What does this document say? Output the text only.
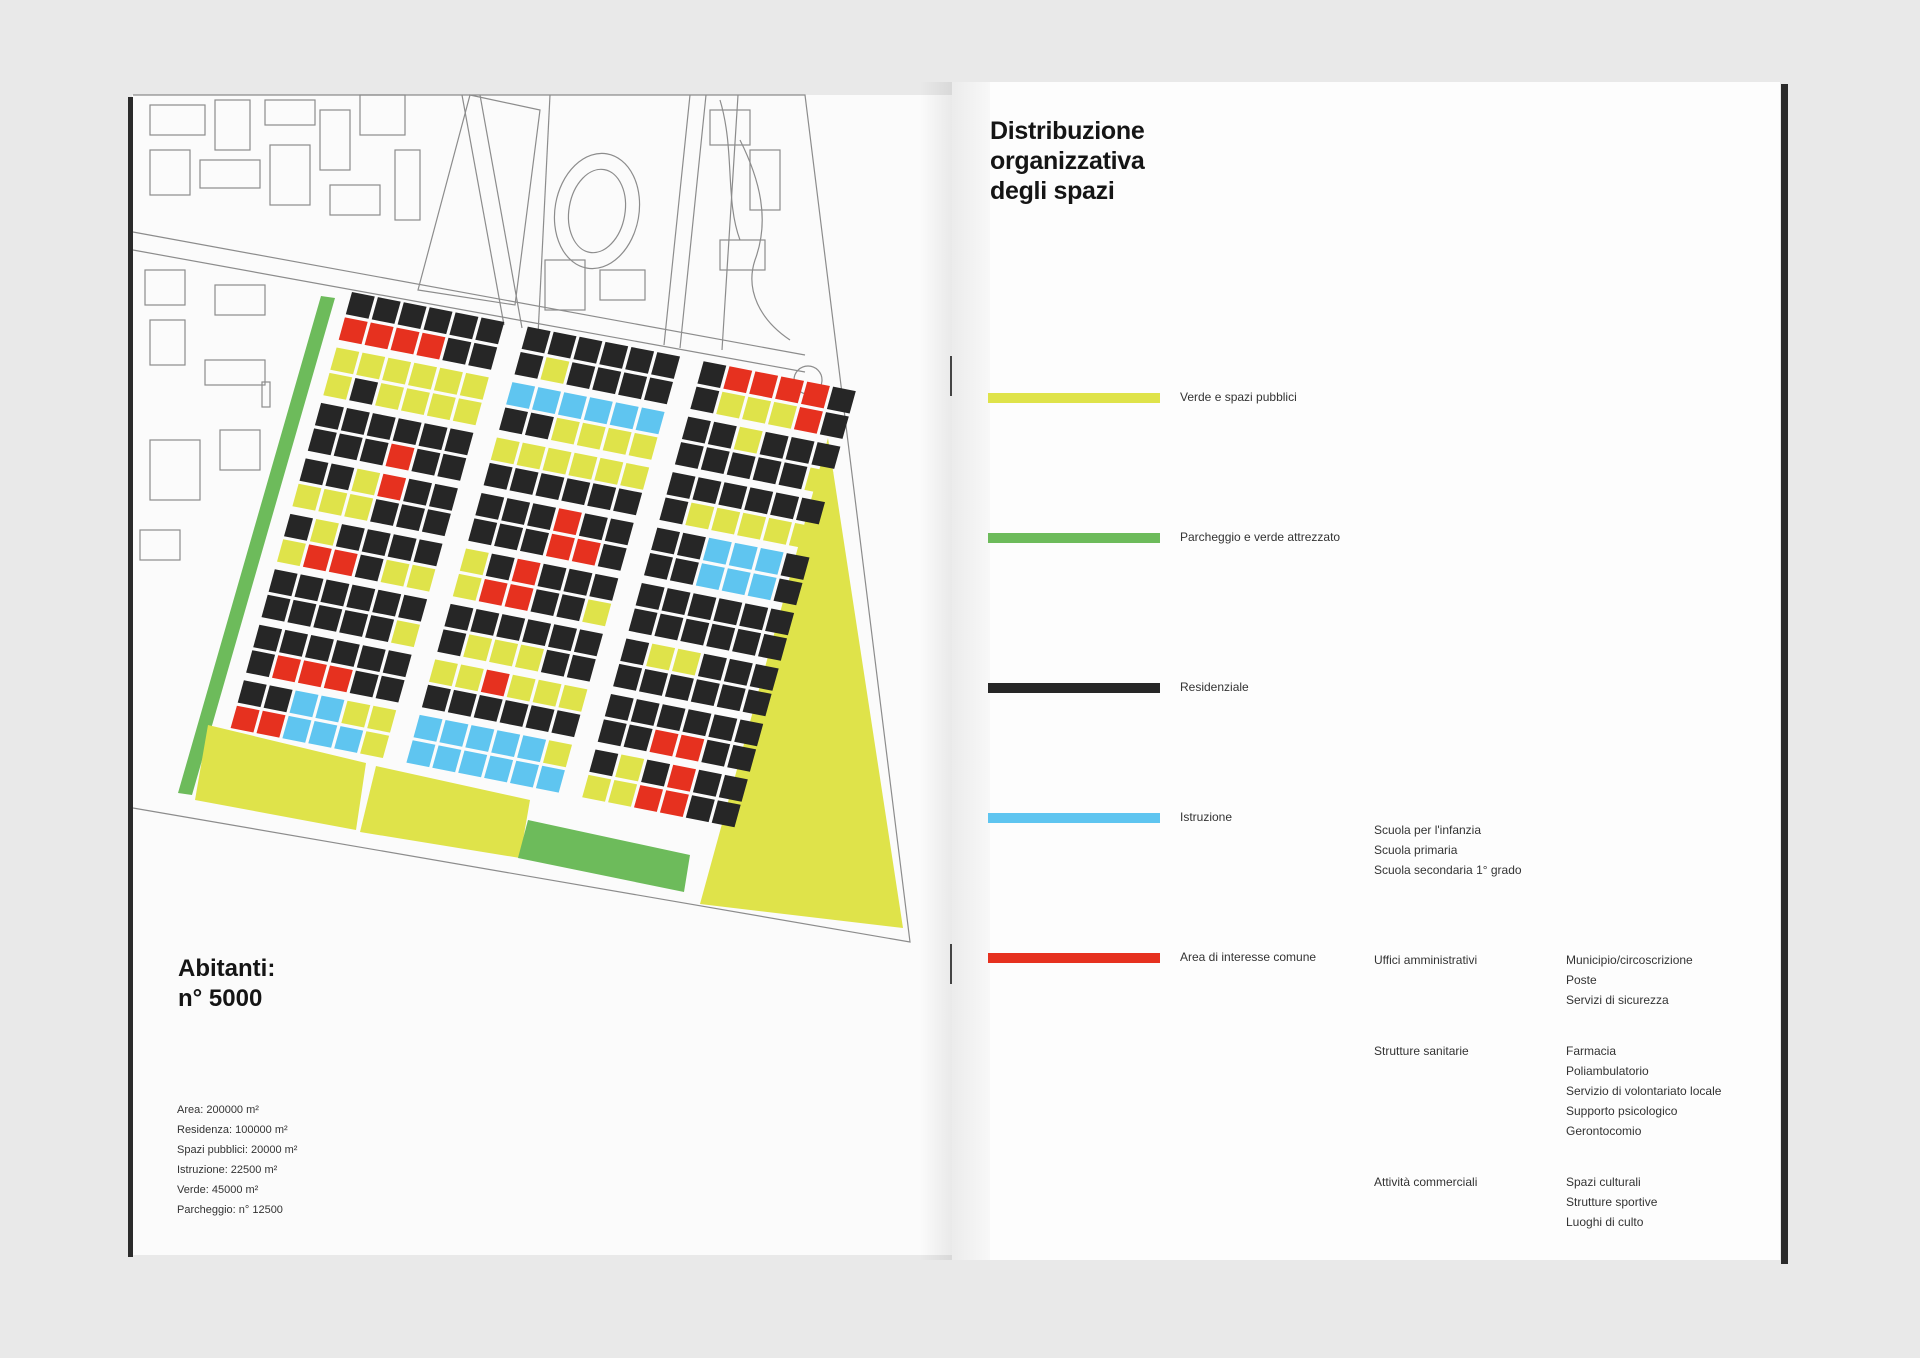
Distribuzione
organizzativa
degli spazi
Verde e spazi pubblici
Parcheggio e verde attrezzato
Residenziale
Istruzione
Area di interesse comune
Scuola per l'infanzia
Scuola primaria
Scuola secondaria 1° grado
Uffici amministrativi	Municipio/circoscrizione
Poste
Servizi di sicurezza
Strutture sanitarie	Farmacia
Poliambulatorio
Servizio di volontariato locale
Supporto psicologico
Gerontocomio
Attività commerciali	Spazi culturali
Strutture sportive
Luoghi di culto
Abitanti:
n° 5000
Area: 200000 m²
Residenza: 100000 m²
Spazi pubblici: 20000 m²
Istruzione: 22500 m²
Verde: 45000 m²
Parcheggio: n° 12500
